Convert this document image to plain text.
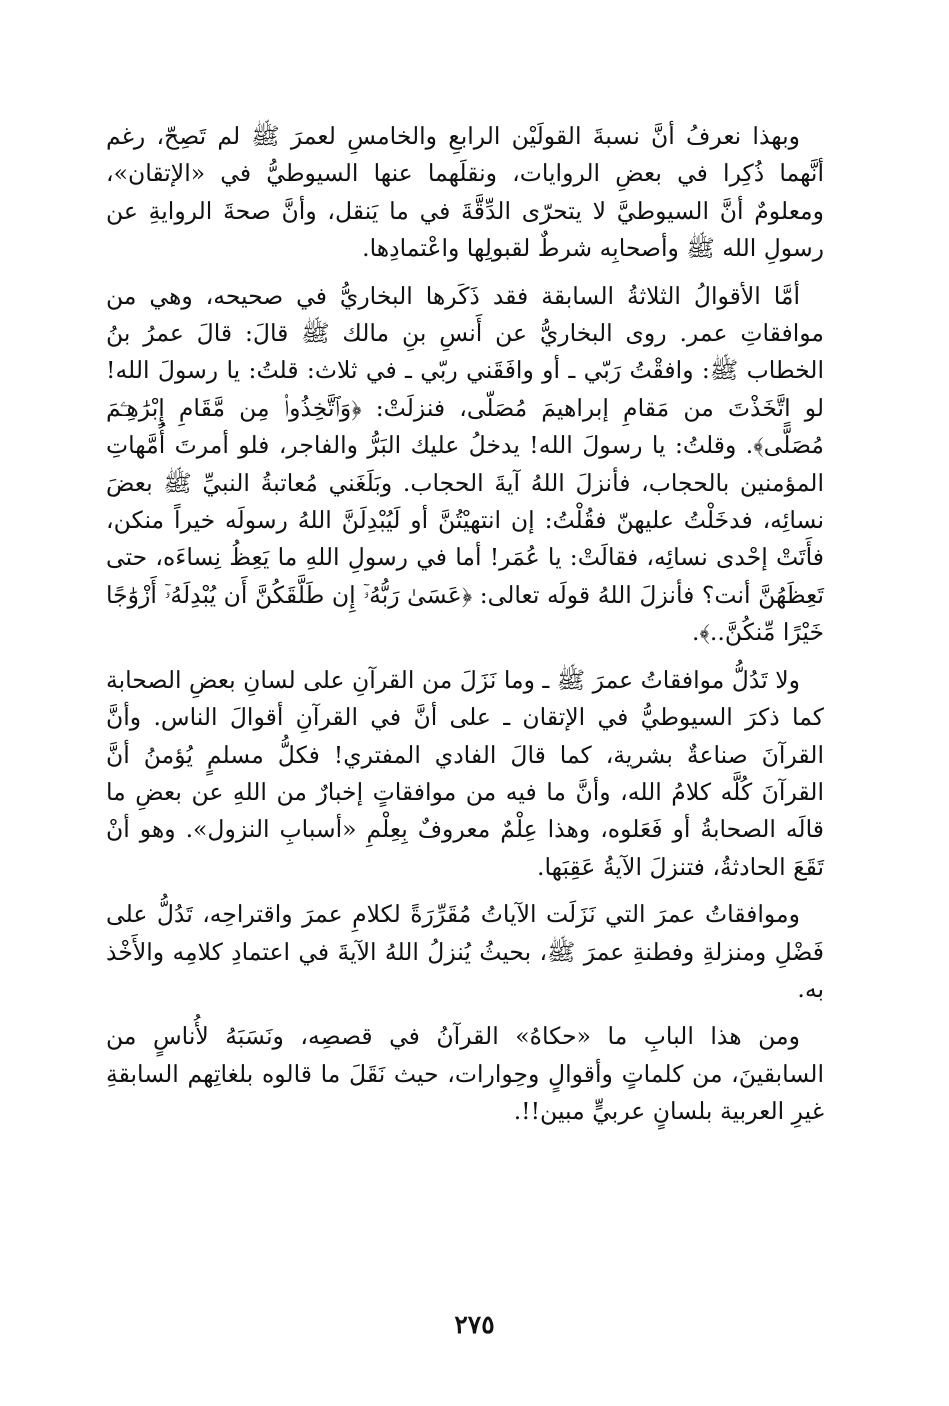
وبهذا نعرفُ أنَّ نسبةَ القولَيْن الرابعِ والخامسِ لعمرَ ﷺ لم تَصِحّ، رغم أنَّهما ذُكِرا في بعضِ الروايات، ونقلَهما عنها السيوطيُّ في «الإتقان»، ومعلومٌ أنَّ السيوطيَّ لا يتحرّى الدِّقَّةَ في ما يَنقل، وأنَّ صحةَ الروايةِ عن رسولِ الله ﷺ وأصحابِه شرطٌ لقبولِها واعْتمادِها.

أمَّا الأقوالُ الثلاثةُ السابقة فقد ذَكَرها البخاريُّ في صحيحه، وهي من موافقاتِ عمر. روى البخاريُّ عن أَنسِ بنِ مالك ﷺ قالَ: قالَ عمرُ بنُ الخطاب ﷺ: وافقْتُ رَبّي ـ أو وافَقَني ربّي ـ في ثلاث: قلتُ: يا رسولَ الله! لو اتَّخَذْتَ من مَقامِ إبراهيمَ مُصَلّى، فنزلَتْ: ﴿وَٱتَّخِذُوا۟ مِن مَّقَامِ إِبْرَٰهِـۧمَ مُصَلًّى﴾. وقلتُ: يا رسولَ الله! يدخلُ عليك البَرُّ والفاجر، فلو أمرتَ أُمَّهاتِ المؤمنين بالحجاب، فأنزلَ اللهُ آيةَ الحجاب. وبَلَغَني مُعاتبةُ النبيِّ ﷺ بعضَ نسائِه، فدخَلْتُ عليهنّ فقُلْتُ: إن انتهيْتُنَّ أو لَيُبْدِلَنَّ اللهُ رسولَه خيراً منكن، فأَتَتْ إحْدى نسائِه، فقالَتْ: يا عُمَر! أما في رسولِ اللهِ ما يَعِظُ نِساءَه، حتى تَعِظَهُنَّ أنت؟ فأنزلَ اللهُ قولَه تعالى: ﴿عَسَىٰ رَبُّهُۥٓ إِن طَلَّقَكُنَّ أَن يُبْدِلَهُۥٓ أَزْوَٰجًا خَيْرًا مِّنكُنَّ..﴾.

ولا تَدُلُّ موافقاتُ عمرَ ﷺ ـ وما نَزَلَ من القرآنِ على لسانِ بعضِ الصحابة كما ذكرَ السيوطيُّ في الإتقان ـ على أنَّ في القرآنِ أقوالَ الناس. وأنَّ القرآنَ صناعةٌ بشرية، كما قالَ الفادي المفتري! فكلُّ مسلمٍ يُؤمنُ أنَّ القرآنَ كُلَّه كلامُ الله، وأنَّ ما فيه من موافقاتٍ إخبارٌ من اللهِ عن بعضِ ما قالَه الصحابةُ أو فَعَلوه، وهذا عِلْمٌ معروفٌ بِعِلْمِ «أسبابِ النزول». وهو أنْ تَقَعَ الحادثةُ، فتنزلَ الآيةُ عَقِبَها.

وموافقاتُ عمرَ التي نَزَلَت الآياتُ مُقَرِّرَةً لكلامِ عمرَ واقتراحِه، تَدُلُّ على فَضْلِ ومنزلةِ وفطنةِ عمرَ ﷺ، بحيثُ يُنزلُ اللهُ الآيةَ في اعتمادِ كلامِه والأَخْذ به.

ومن هذا البابِ ما «حكاهُ» القرآنُ في قصصِه، ونَسَبَهُ لأُناسٍ من السابقينَ، من كلماتٍ وأقوالٍ وحِوارات، حيث نَقَلَ ما قالوه بلغاتِهم السابقةِ غيرِ العربية بلسانٍ عربيٍّ مبين!!.

٢٧٥
